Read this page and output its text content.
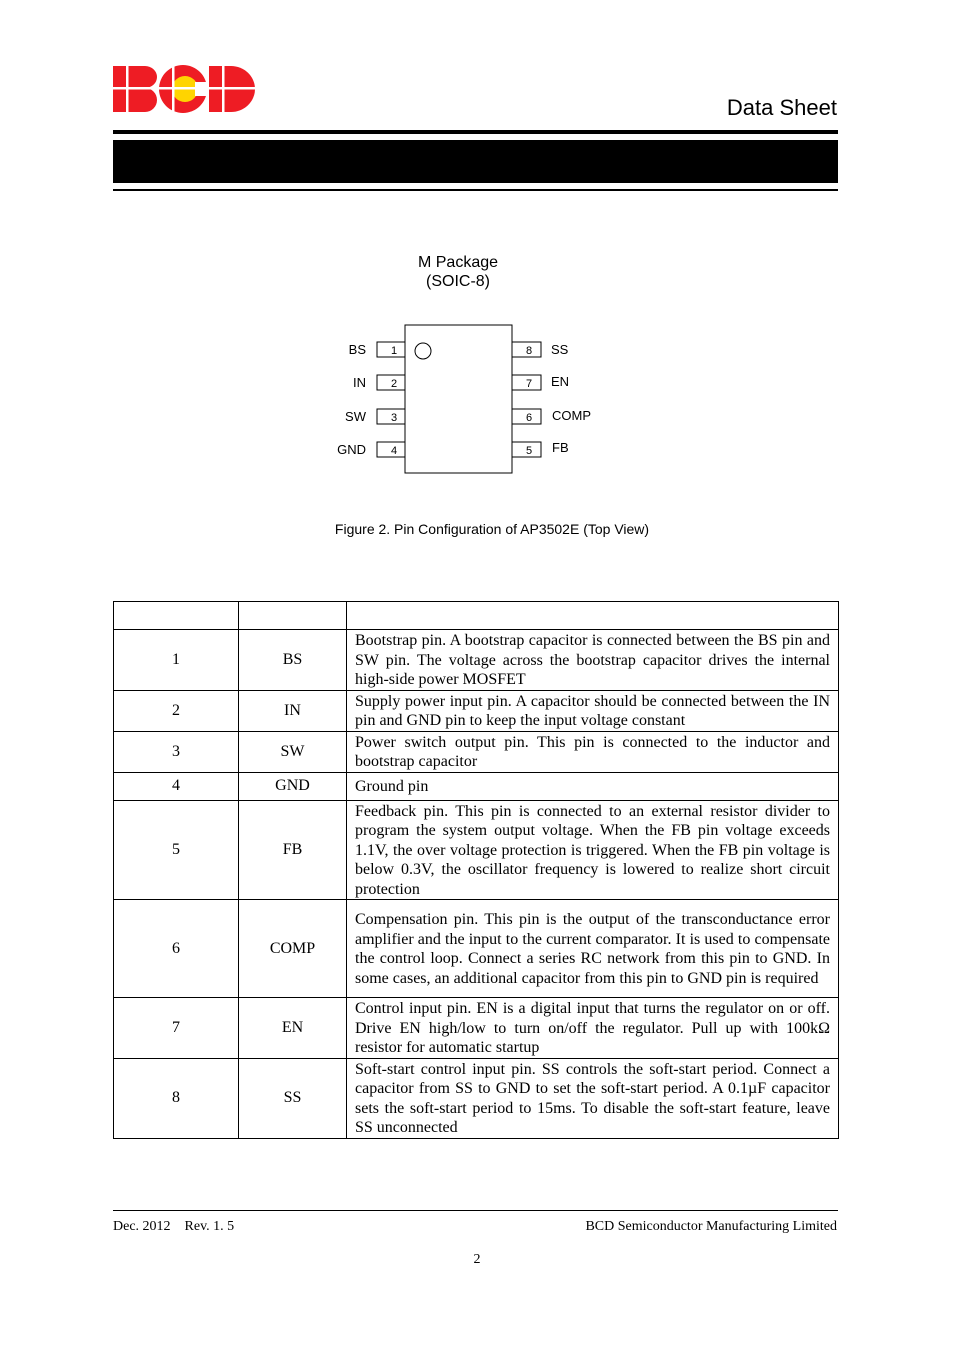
Data Sheet
M Package
(SOIC-8)
1
2
3
4
8
7
6
5
BS
IN
SW
GND
SS
EN
COMP
FB
Figure 2. Pin Configuration of AP3502E (Top View)

1	BS	Bootstrap pin. A bootstrap capacitor is connected between the BS pin and SW pin. The voltage across the bootstrap capacitor drives the internal high-side power MOSFET
2	IN	Supply power input pin. A capacitor should be connected between the IN pin and GND pin to keep the input voltage constant
3	SW	Power switch output pin. This pin is connected to the inductor and bootstrap capacitor
4	GND	Ground pin
5	FB	Feedback pin. This pin is connected to an external resistor divider to program the system output voltage. When the FB pin voltage exceeds 1.1V, the over voltage protection is triggered. When the FB pin voltage is below 0.3V, the oscillator frequency is lowered to realize short circuit protection
6	COMP	Compensation pin. This pin is the output of the transconductance error amplifier and the input to the current comparator. It is used to compensate the control loop. Connect a series RC network from this pin to GND. In some cases, an additional capacitor from this pin to GND pin is required
7	EN	Control input pin. EN is a digital input that turns the regulator on or off. Drive EN high/low to turn on/off the regulator. Pull up with 100kΩ resistor for automatic startup
8	SS	Soft-start control input pin. SS controls the soft-start period. Connect a capacitor from SS to GND to set the soft-start period. A 0.1µF capacitor sets the soft-start period to 15ms. To disable the soft-start feature, leave SS unconnected
Dec. 2012    Rev. 1. 5	BCD Semiconductor Manufacturing Limited
2
